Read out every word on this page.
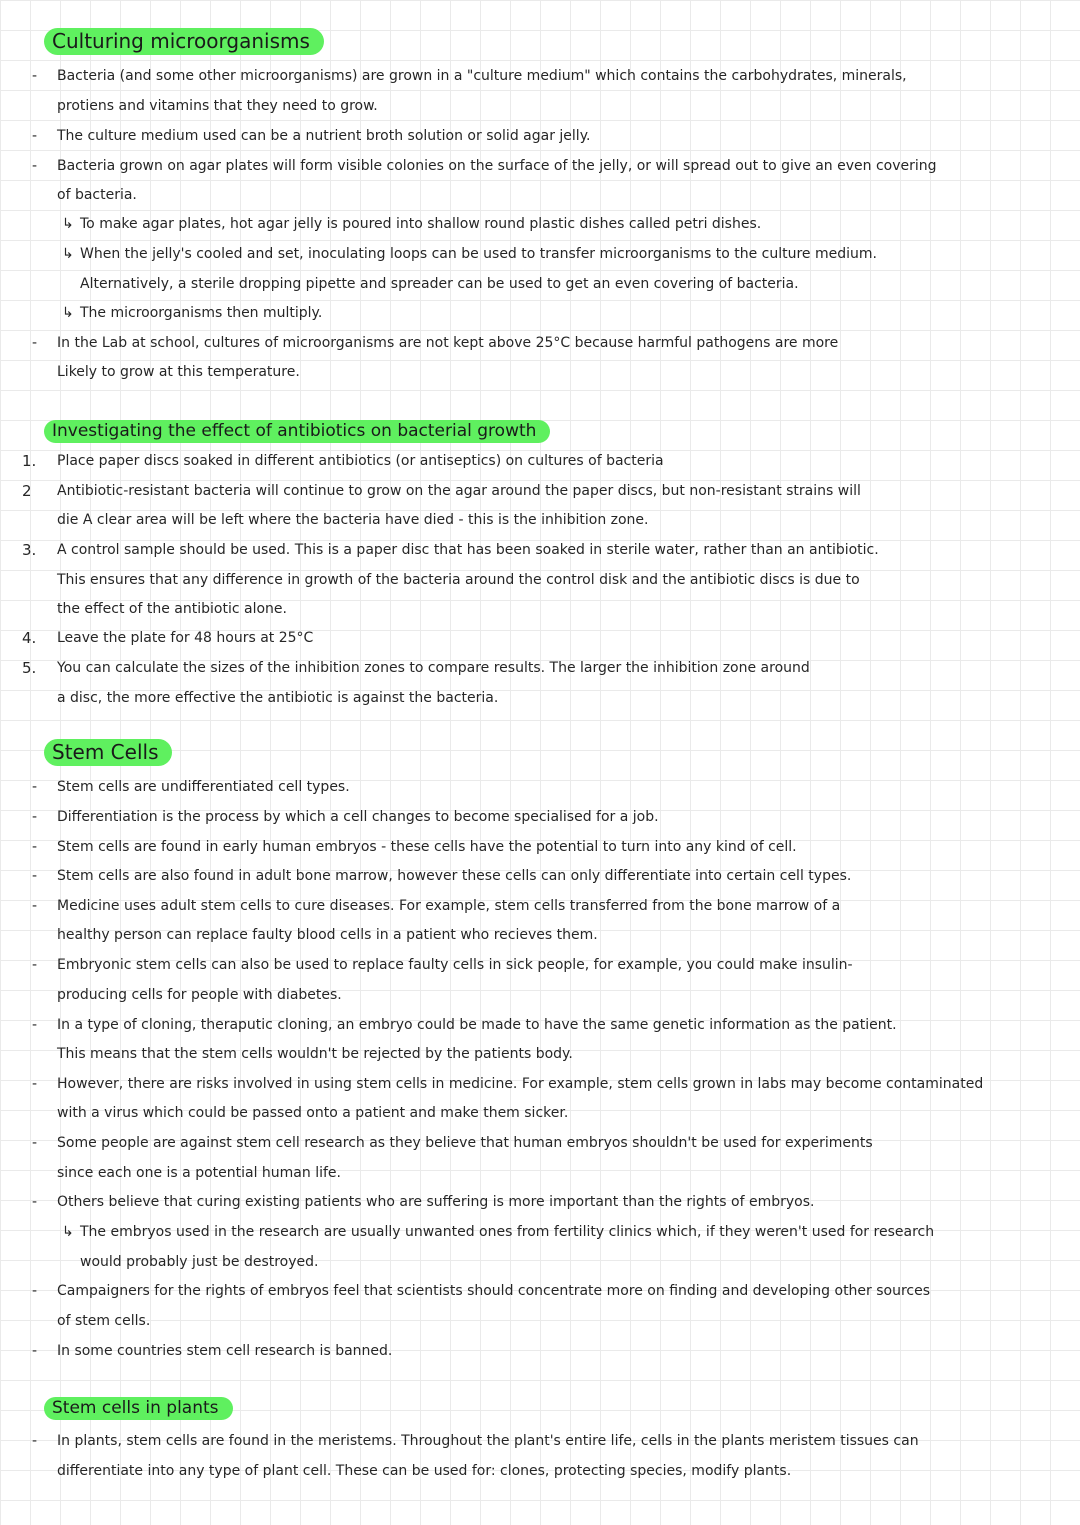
Culturing microorganisms
- Bacteria (and some other microorganisms) are grown in a "culture medium" which contains the carbohydrates, minerals,
protiens and vitamins that they need to grow.
- The culture medium used can be a nutrient broth solution or solid agar jelly.
- Bacteria grown on agar plates will form visible colonies on the surface of the jelly, or will spread out to give an even covering
of bacteria.
↳ To make agar plates, hot agar jelly is poured into shallow round plastic dishes called petri dishes.
↳ When the jelly's cooled and set, inoculating loops can be used to transfer microorganisms to the culture medium.
Alternatively, a sterile dropping pipette and spreader can be used to get an even covering of bacteria.
↳ The microorganisms then multiply.
- In the Lab at school, cultures of microorganisms are not kept above 25°C because harmful pathogens are more
Likely to grow at this temperature.
Investigating the effect of antibiotics on bacterial growth
1. Place paper discs soaked in different antibiotics (or antiseptics) on cultures of bacteria
2 Antibiotic-resistant bacteria will continue to grow on the agar around the paper discs, but non-resistant strains will
die A clear area will be left where the bacteria have died - this is the inhibition zone.
3. A control sample should be used. This is a paper disc that has been soaked in sterile water, rather than an antibiotic.
This ensures that any difference in growth of the bacteria around the control disk and the antibiotic discs is due to
the effect of the antibiotic alone.
4. Leave the plate for 48 hours at 25°C
5. You can calculate the sizes of the inhibition zones to compare results. The larger the inhibition zone around
a disc, the more effective the antibiotic is against the bacteria.
Stem Cells
- Stem cells are undifferentiated cell types.
- Differentiation is the process by which a cell changes to become specialised for a job.
- Stem cells are found in early human embryos - these cells have the potential to turn into any kind of cell.
- Stem cells are also found in adult bone marrow, however these cells can only differentiate into certain cell types.
- Medicine uses adult stem cells to cure diseases. For example, stem cells transferred from the bone marrow of a
healthy person can replace faulty blood cells in a patient who recieves them.
- Embryonic stem cells can also be used to replace faulty cells in sick people, for example, you could make insulin-
producing cells for people with diabetes.
- In a type of cloning, theraputic cloning, an embryo could be made to have the same genetic information as the patient.
This means that the stem cells wouldn't be rejected by the patients body.
- However, there are risks involved in using stem cells in medicine. For example, stem cells grown in labs may become contaminated
with a virus which could be passed onto a patient and make them sicker.
- Some people are against stem cell research as they believe that human embryos shouldn't be used for experiments
since each one is a potential human life.
- Others believe that curing existing patients who are suffering is more important than the rights of embryos.
↳ The embryos used in the research are usually unwanted ones from fertility clinics which, if they weren't used for research
would probably just be destroyed.
- Campaigners for the rights of embryos feel that scientists should concentrate more on finding and developing other sources
of stem cells.
- In some countries stem cell research is banned.
Stem cells in plants
- In plants, stem cells are found in the meristems. Throughout the plant's entire life, cells in the plants meristem tissues can
differentiate into any type of plant cell. These can be used for: clones, protecting species, modify plants.
